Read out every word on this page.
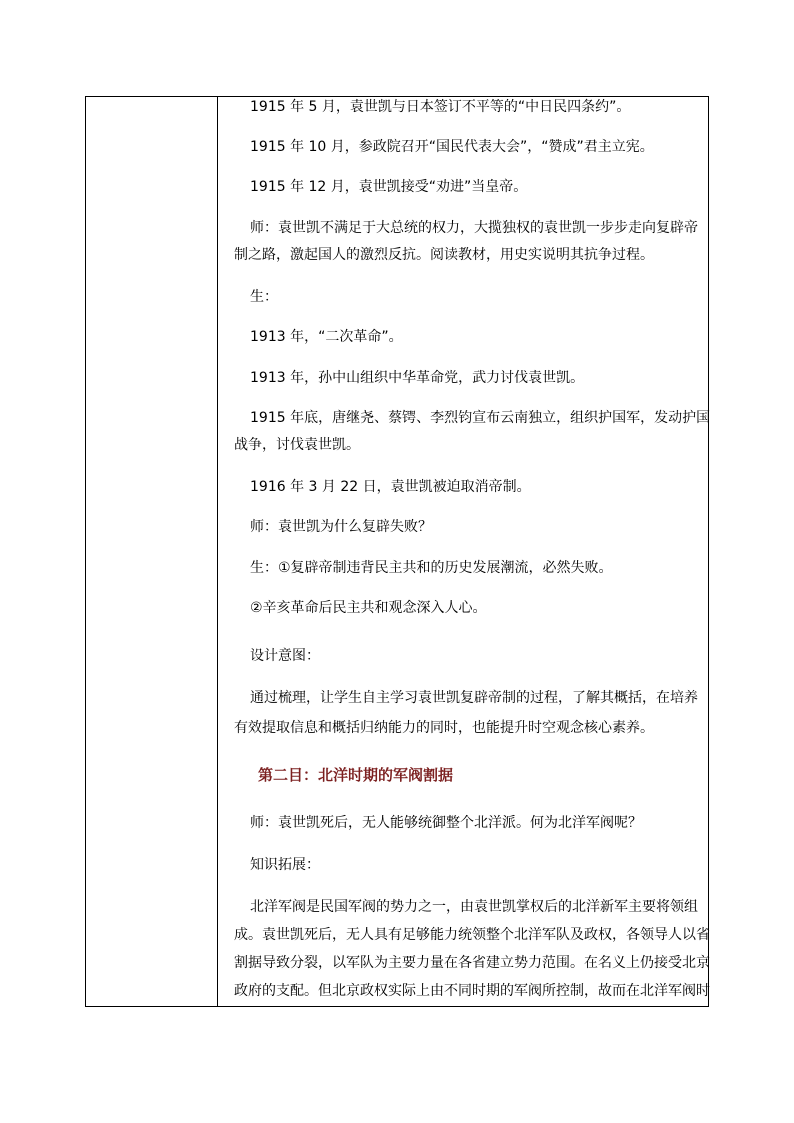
1915 年 5 月，袁世凯与日本签订不平等的“中日民四条约”。
1915 年 10 月，参政院召开“国民代表大会”，“赞成”君主立宪。
1915 年 12 月，袁世凯接受“劝进”当皇帝。
师：袁世凯不满足于大总统的权力，大揽独权的袁世凯一步步走向复辟帝
制之路，激起国人的激烈反抗。阅读教材，用史实说明其抗争过程。
生：
1913 年，“二次革命”。
1913 年，孙中山组织中华革命党，武力讨伐袁世凯。
1915 年底，唐继尧、蔡锷、李烈钧宣布云南独立，组织护国军，发动护国
战争，讨伐袁世凯。
1916 年 3 月 22 日，袁世凯被迫取消帝制。
师：袁世凯为什么复辟失败？
生：①复辟帝制违背民主共和的历史发展潮流，必然失败。
②辛亥革命后民主共和观念深入人心。
设计意图：
通过梳理，让学生自主学习袁世凯复辟帝制的过程，了解其概括，在培养
有效提取信息和概括归纳能力的同时，也能提升时空观念核心素养。
第二目：北洋时期的军阀割据
师：袁世凯死后，无人能够统御整个北洋派。何为北洋军阀呢？
知识拓展：
北洋军阀是民国军阀的势力之一，由袁世凯掌权后的北洋新军主要将领组
成。袁世凯死后，无人具有足够能力统领整个北洋军队及政权，各领导人以省
割据导致分裂，以军队为主要力量在各省建立势力范围。在名义上仍接受北京
政府的支配。但北京政权实际上由不同时期的军阀所控制，故而在北洋军阀时
